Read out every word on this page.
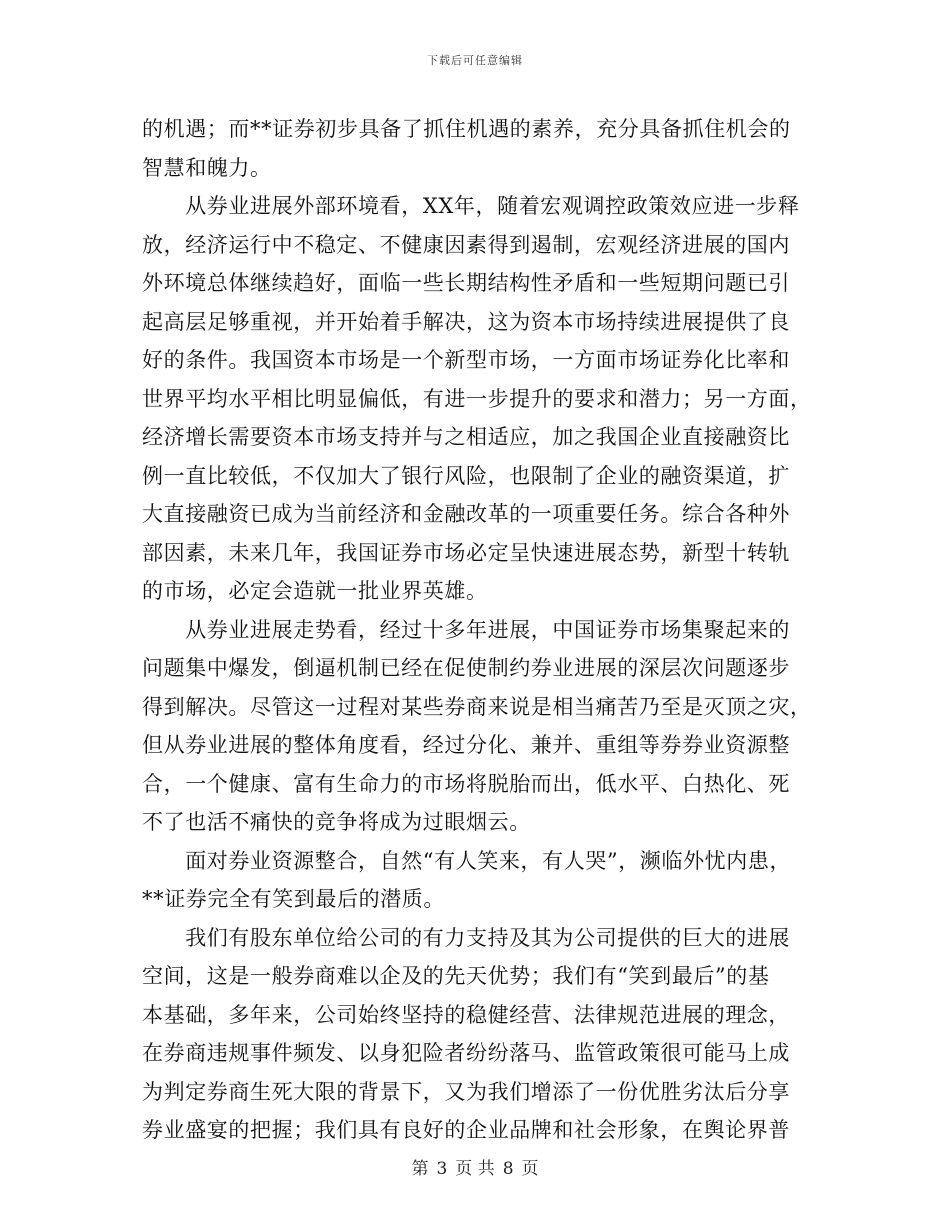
下载后可任意编辑
的机遇；而**证券初步具备了抓住机遇的素养，充分具备抓住机会的
智慧和魄力。
　　从券业进展外部环境看，XX年，随着宏观调控政策效应进一步释
放，经济运行中不稳定、不健康因素得到遏制，宏观经济进展的国内
外环境总体继续趋好，面临一些长期结构性矛盾和一些短期问题已引
起高层足够重视，并开始着手解决，这为资本市场持续进展提供了良
好的条件。我国资本市场是一个新型市场，一方面市场证券化比率和
世界平均水平相比明显偏低，有进一步提升的要求和潜力；另一方面，
经济增长需要资本市场支持并与之相适应，加之我国企业直接融资比
例一直比较低，不仅加大了银行风险，也限制了企业的融资渠道，扩
大直接融资已成为当前经济和金融改革的一项重要任务。综合各种外
部因素，未来几年，我国证券市场必定呈快速进展态势，新型十转轨
的市场，必定会造就一批业界英雄。
　　从券业进展走势看，经过十多年进展，中国证券市场集聚起来的
问题集中爆发，倒逼机制已经在促使制约券业进展的深层次问题逐步
得到解决。尽管这一过程对某些券商来说是相当痛苦乃至是灭顶之灾，
但从券业进展的整体角度看，经过分化、兼并、重组等券券业资源整
合，一个健康、富有生命力的市场将脱胎而出，低水平、白热化、死
不了也活不痛快的竞争将成为过眼烟云。
　　面对券业资源整合，自然“有人笑来，有人哭”，濒临外忧内患，
**证券完全有笑到最后的潜质。
　　我们有股东单位给公司的有力支持及其为公司提供的巨大的进展
空间，这是一般券商难以企及的先天优势；我们有“笑到最后”的基
本基础，多年来，公司始终坚持的稳健经营、法律规范进展的理念，
在券商违规事件频发、以身犯险者纷纷落马、监管政策很可能马上成
为判定券商生死大限的背景下，又为我们增添了一份优胜劣汰后分享
券业盛宴的把握；我们具有良好的企业品牌和社会形象，在舆论界普
第 3 页 共 8 页
